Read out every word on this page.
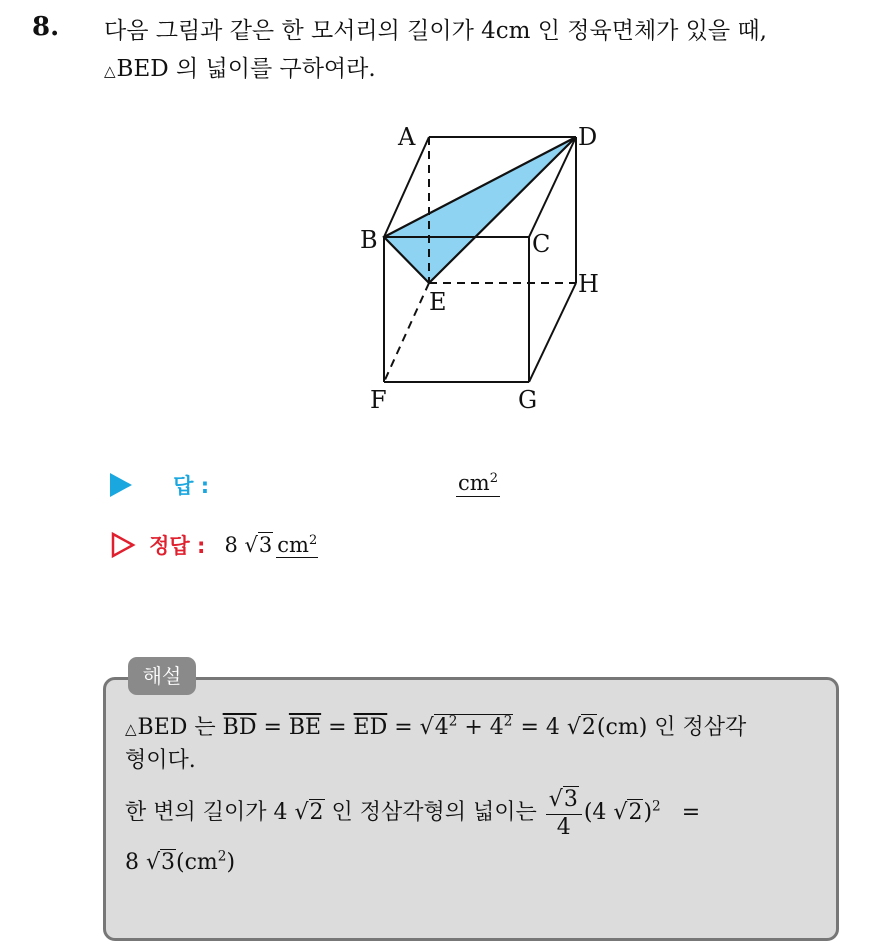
8. 다음 그림과 같은 한 모서리의 길이가 4cm 인 정육면체가 있을 때,
△BED 의 넓이를 구하여라.
A	D
B	C
E
H
F	G
답 :	$cm^2$
정답 : 8 √3 $cm^2$
해설
△BED 는 $\overline{BD} = \overline{BE} = \overline{ED} = √4^2 + 4^2 = 4$ √2(cm) 인 정삼각
형이다.
한 변의 길이가 4 √2 인 정삼각형의 넓이는 $\frac{√3}{4} (4$ √2)$^2$ =
8 $√3(cm^2)$
